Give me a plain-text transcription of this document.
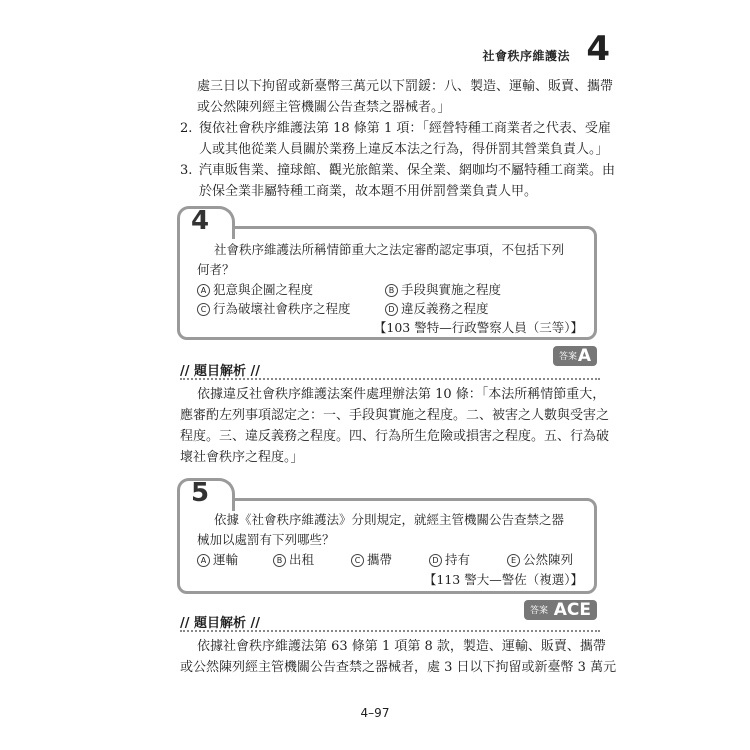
社會秩序維護法 4
處三日以下拘留或新臺幣三萬元以下罰鍰：八、製造、運輸、販賣、攜帶
或公然陳列經主管機關公告查禁之器械者。」
2. 復依社會秩序維護法第 18 條第 1 項：「經營特種工商業者之代表、受雇
人或其他從業人員關於業務上違反本法之行為，得併罰其營業負責人。」
3. 汽車販售業、撞球館、觀光旅館業、保全業、網咖均不屬特種工商業。由
於保全業非屬特種工商業，故本題不用併罰營業負責人甲。
4
社會秩序維護法所稱情節重大之法定審酌認定事項，不包括下列
何者？
A 犯意與企圖之程度	B 手段與實施之程度
C 行為破壞社會秩序之程度	D 違反義務之程度
【103 警特—行政警察人員（三等）】
答案 A
// 題目解析 //
依據違反社會秩序維護法案件處理辦法第 10 條：「本法所稱情節重大，
應審酌左列事項認定之：一、手段與實施之程度。二、被害之人數與受害之
程度。三、違反義務之程度。四、行為所生危險或損害之程度。五、行為破
壞社會秩序之程度。」
5
依據《社會秩序維護法》分則規定，就經主管機關公告查禁之器
械加以處罰有下列哪些？
A 運輸	B 出租	C 攜帶	D 持有	E 公然陳列
【113 警大—警佐（複選）】
答案 ACE
// 題目解析 //
依據社會秩序維護法第 63 條第 1 項第 8 款，製造、運輸、販賣、攜帶
或公然陳列經主管機關公告查禁之器械者，處 3 日以下拘留或新臺幣 3 萬元
4–97
